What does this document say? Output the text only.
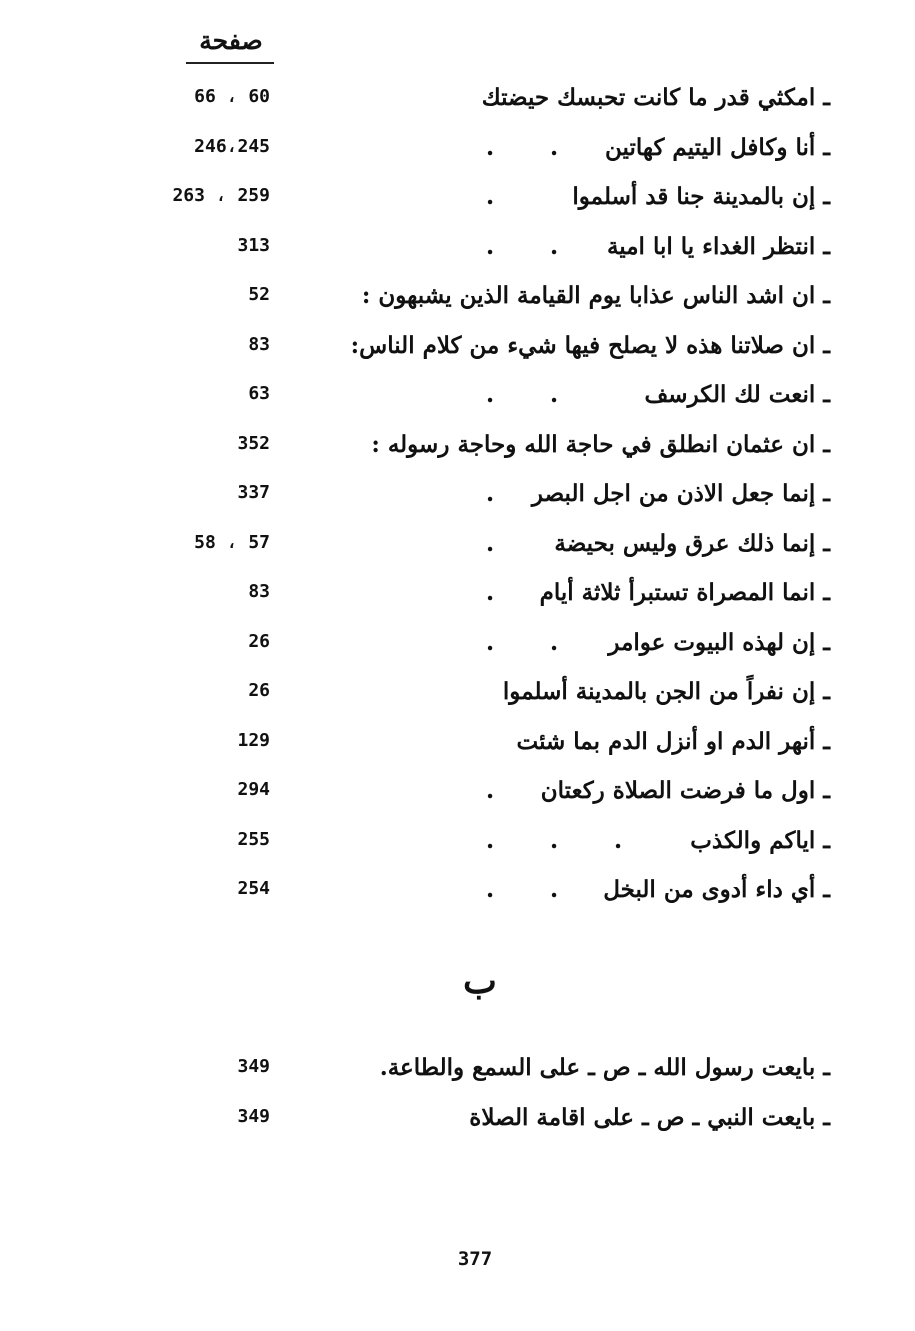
صفحة
66 ، 60	ـ امكثي قدر ما كانت تحبسك حيضتك
246،245	..	ـ أنا وكافل اليتيم كهاتين
263 ، 259	.	ـ إن بالمدينة جنا قد أسلموا
313	..	ـ انتظر الغداء يا ابا امية
52	ـ ان اشد الناس عذابا يوم القيامة الذين يشبهون :
83	ـ ان صلاتنا هذه لا يصلح فيها شيء من كلام الناس:
63	..	ـ انعت لك الكرسف
352	ـ ان عثمان انطلق في حاجة الله وحاجة رسوله :
337	.	ـ إنما جعل الاذن من اجل البصر
58 ، 57	.	ـ إنما ذلك عرق وليس بحيضة
83	.	ـ انما المصراة تستبرأ ثلاثة أيام
26	..	ـ إن لهذه البيوت عوامر
26	ـ إن نفراً من الجن بالمدينة أسلموا
129	ـ أنهر الدم او أنزل الدم بما شئت
294	.	ـ اول ما فرضت الصلاة ركعتان
255	...	ـ اياكم والكذب
254	..	ـ أي داء أدوى من البخل
ب
349	ـ بايعت رسول الله ـ ص ـ على السمع والطاعة.
349	ـ بايعت النبي ـ ص ـ على اقامة الصلاة
377
